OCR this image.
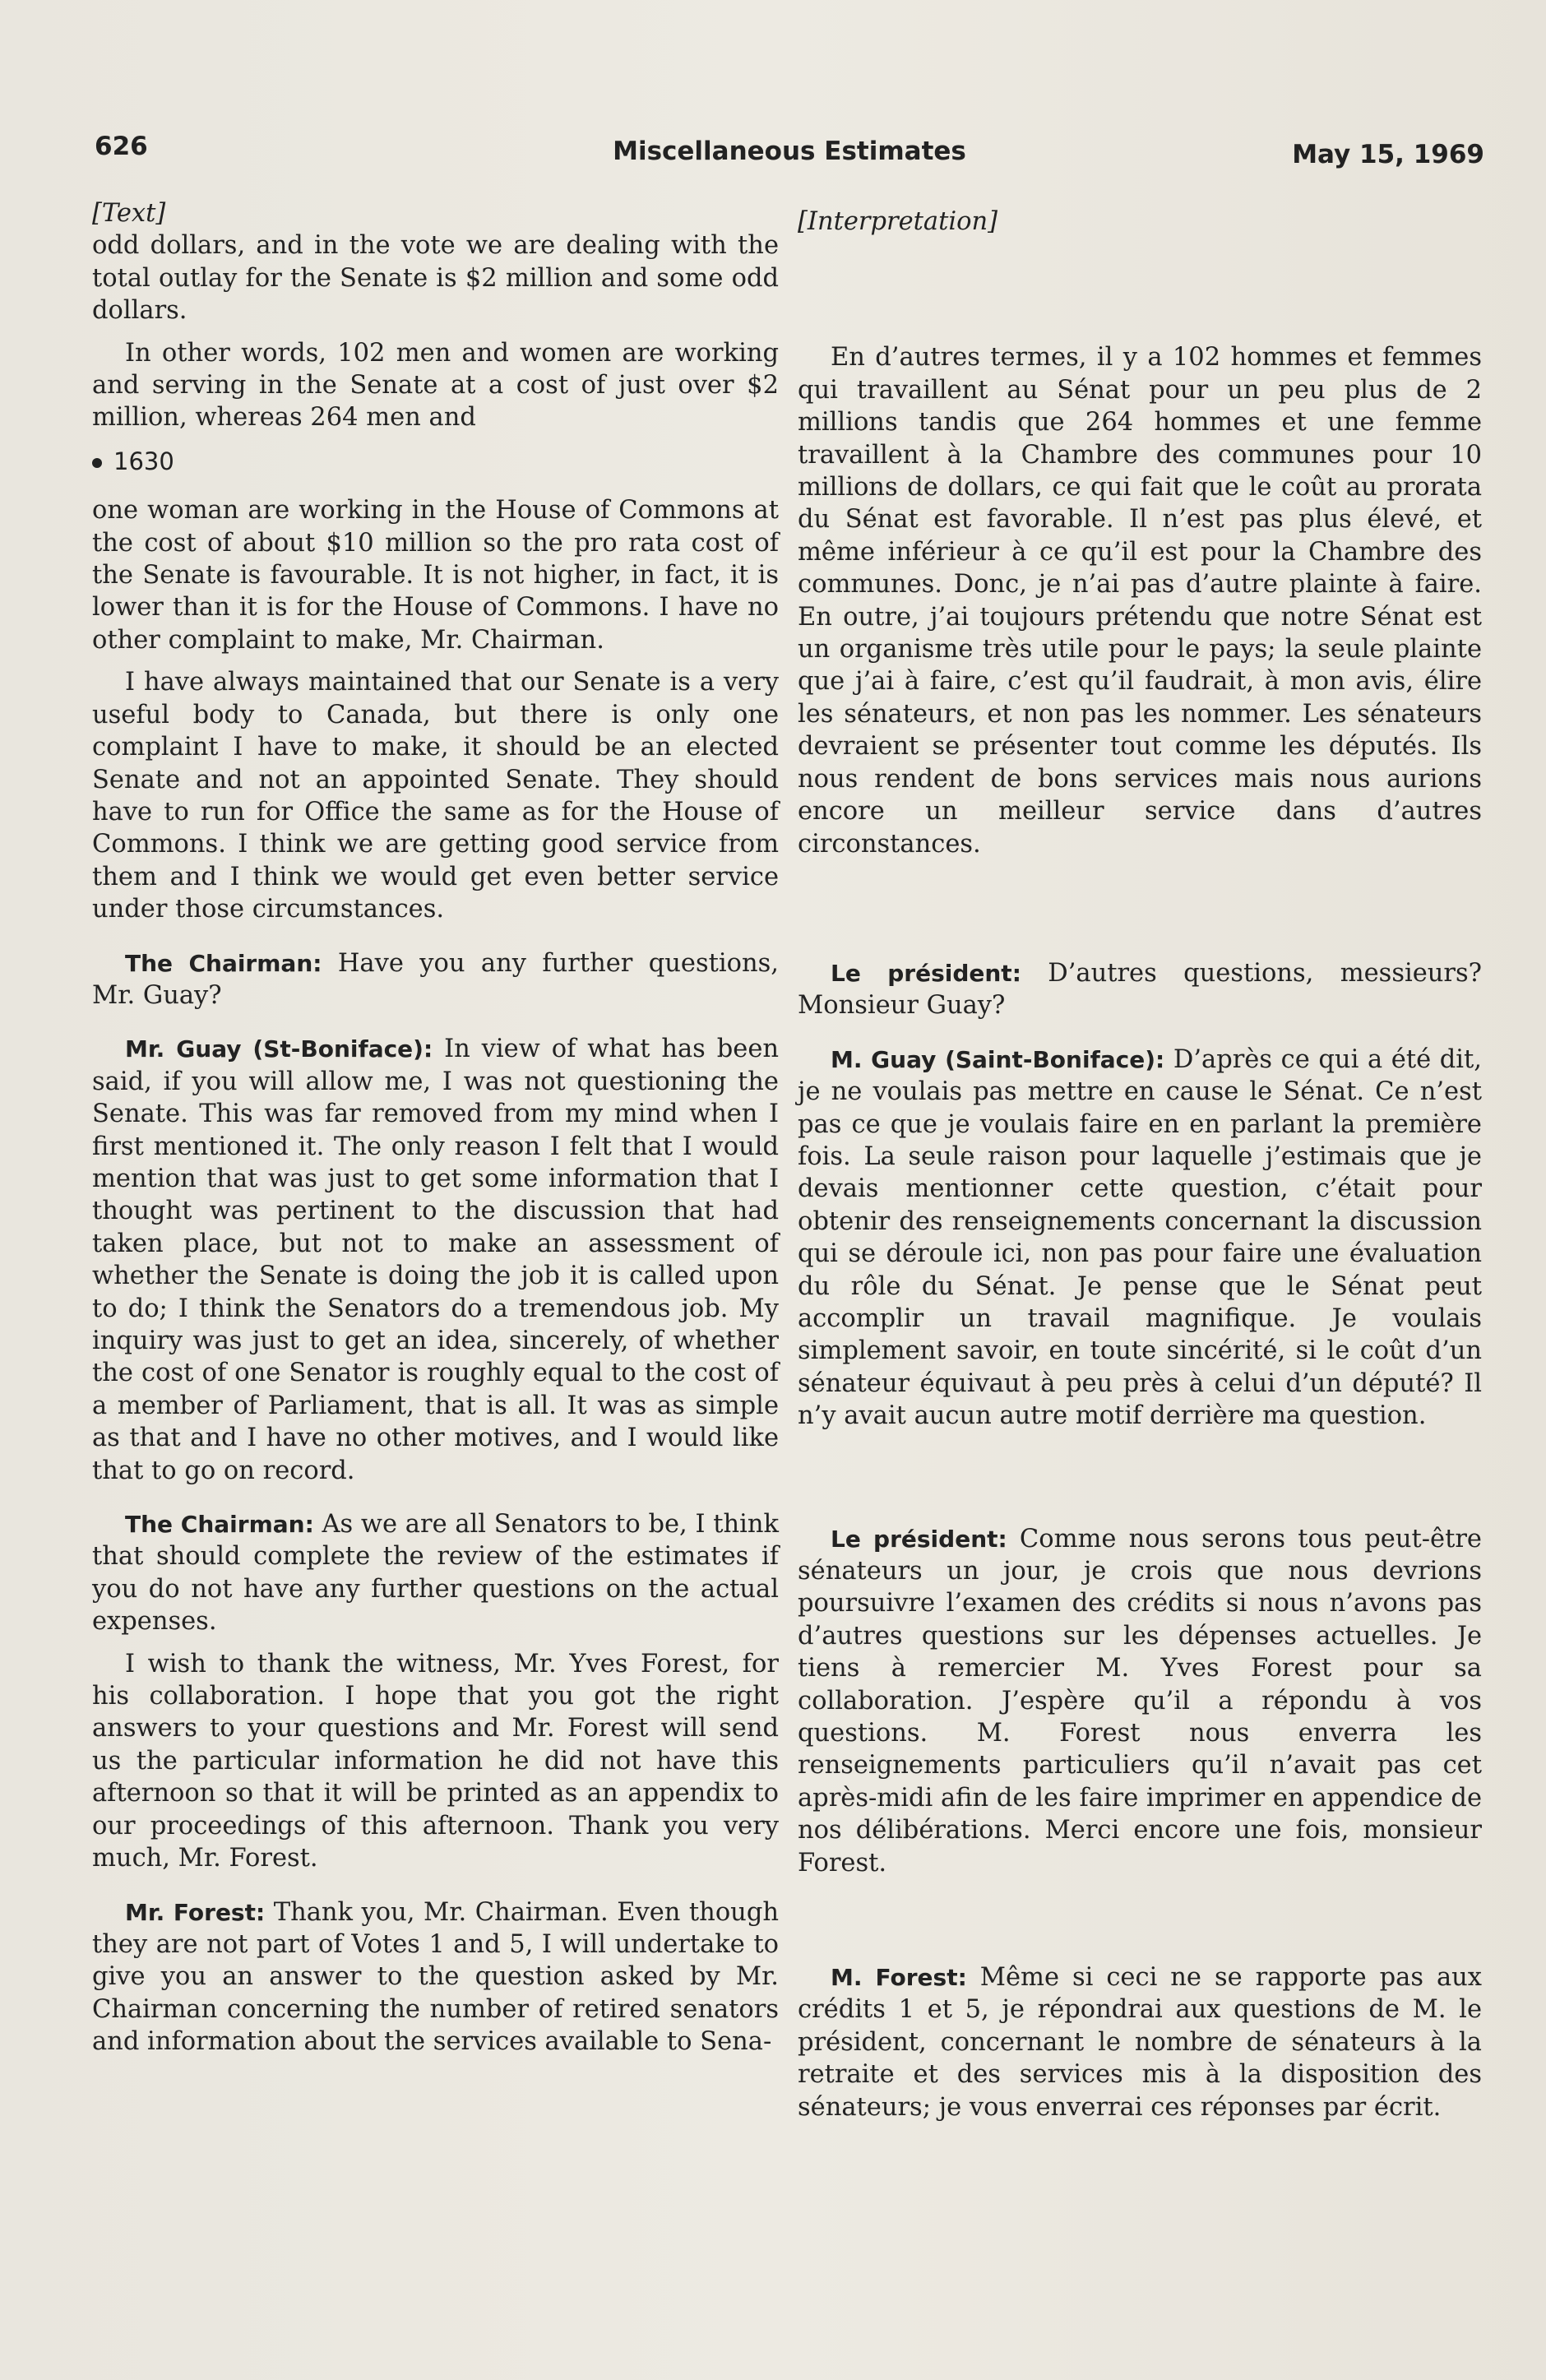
626	Miscellaneous Estimates	May 15, 1969

[Text]

odd dollars, and in the vote we are dealing with the total outlay for the Senate is $2 million and some odd dollars.

In other words, 102 men and women are working and serving in the Senate at a cost of just over $2 million, whereas 264 men and

1630

one woman are working in the House of Commons at the cost of about $10 million so the pro rata cost of the Senate is favourable. It is not higher, in fact, it is lower than it is for the House of Commons. I have no other complaint to make, Mr. Chairman.

I have always maintained that our Senate is a very useful body to Canada, but there is only one complaint I have to make, it should be an elected Senate and not an appointed Senate. They should have to run for Office the same as for the House of Commons. I think we are getting good service from them and I think we would get even better service under those circumstances.

The Chairman: Have you any further questions, Mr. Guay?

Mr. Guay (St-Boniface): In view of what has been said, if you will allow me, I was not questioning the Senate. This was far removed from my mind when I first mentioned it. The only reason I felt that I would mention that was just to get some information that I thought was pertinent to the discussion that had taken place, but not to make an assessment of whether the Senate is doing the job it is called upon to do; I think the Senators do a tremendous job. My inquiry was just to get an idea, sincerely, of whether the cost of one Senator is roughly equal to the cost of a member of Parliament, that is all. It was as simple as that and I have no other motives, and I would like that to go on record.

The Chairman: As we are all Senators to be, I think that should complete the review of the estimates if you do not have any further questions on the actual expenses.

I wish to thank the witness, Mr. Yves Forest, for his collaboration. I hope that you got the right answers to your questions and Mr. Forest will send us the particular information he did not have this afternoon so that it will be printed as an appendix to our proceedings of this afternoon. Thank you very much, Mr. Forest.

Mr. Forest: Thank you, Mr. Chairman. Even though they are not part of Votes 1 and 5, I will undertake to give you an answer to the question asked by Mr. Chairman concerning the number of retired senators and information about the services available to Sena-

[Interpretation]

En d’autres termes, il y a 102 hommes et femmes qui travaillent au Sénat pour un peu plus de 2 millions tandis que 264 hommes et une femme travaillent à la Chambre des communes pour 10 millions de dollars, ce qui fait que le coût au prorata du Sénat est favorable. Il n’est pas plus élevé, et même inférieur à ce qu’il est pour la Chambre des communes. Donc, je n’ai pas d’autre plainte à faire. En outre, j’ai toujours prétendu que notre Sénat est un organisme très utile pour le pays; la seule plainte que j’ai à faire, c’est qu’il faudrait, à mon avis, élire les sénateurs, et non pas les nommer. Les sénateurs devraient se présenter tout comme les députés. Ils nous rendent de bons services mais nous aurions encore un meilleur service dans d’autres circonstances.

Le président: D’autres questions, messieurs? Monsieur Guay?

M. Guay (Saint-Boniface): D’après ce qui a été dit, je ne voulais pas mettre en cause le Sénat. Ce n’est pas ce que je voulais faire en en parlant la première fois. La seule raison pour laquelle j’estimais que je devais mentionner cette question, c’était pour obtenir des renseignements concernant la discussion qui se déroule ici, non pas pour faire une évaluation du rôle du Sénat. Je pense que le Sénat peut accomplir un travail magnifique. Je voulais simplement savoir, en toute sincérité, si le coût d’un sénateur équivaut à peu près à celui d’un député? Il n’y avait aucun autre motif derrière ma question.

Le président: Comme nous serons tous peut-être sénateurs un jour, je crois que nous devrions poursuivre l’examen des crédits si nous n’avons pas d’autres questions sur les dépenses actuelles. Je tiens à remercier M. Yves Forest pour sa collaboration. J’espère qu’il a répondu à vos questions. M. Forest nous enverra les renseignements particuliers qu’il n’avait pas cet après-midi afin de les faire imprimer en appendice de nos délibérations. Merci encore une fois, monsieur Forest.

M. Forest: Même si ceci ne se rapporte pas aux crédits 1 et 5, je répondrai aux questions de M. le président, concernant le nombre de sénateurs à la retraite et des services mis à la disposition des sénateurs; je vous enverrai ces réponses par écrit.
